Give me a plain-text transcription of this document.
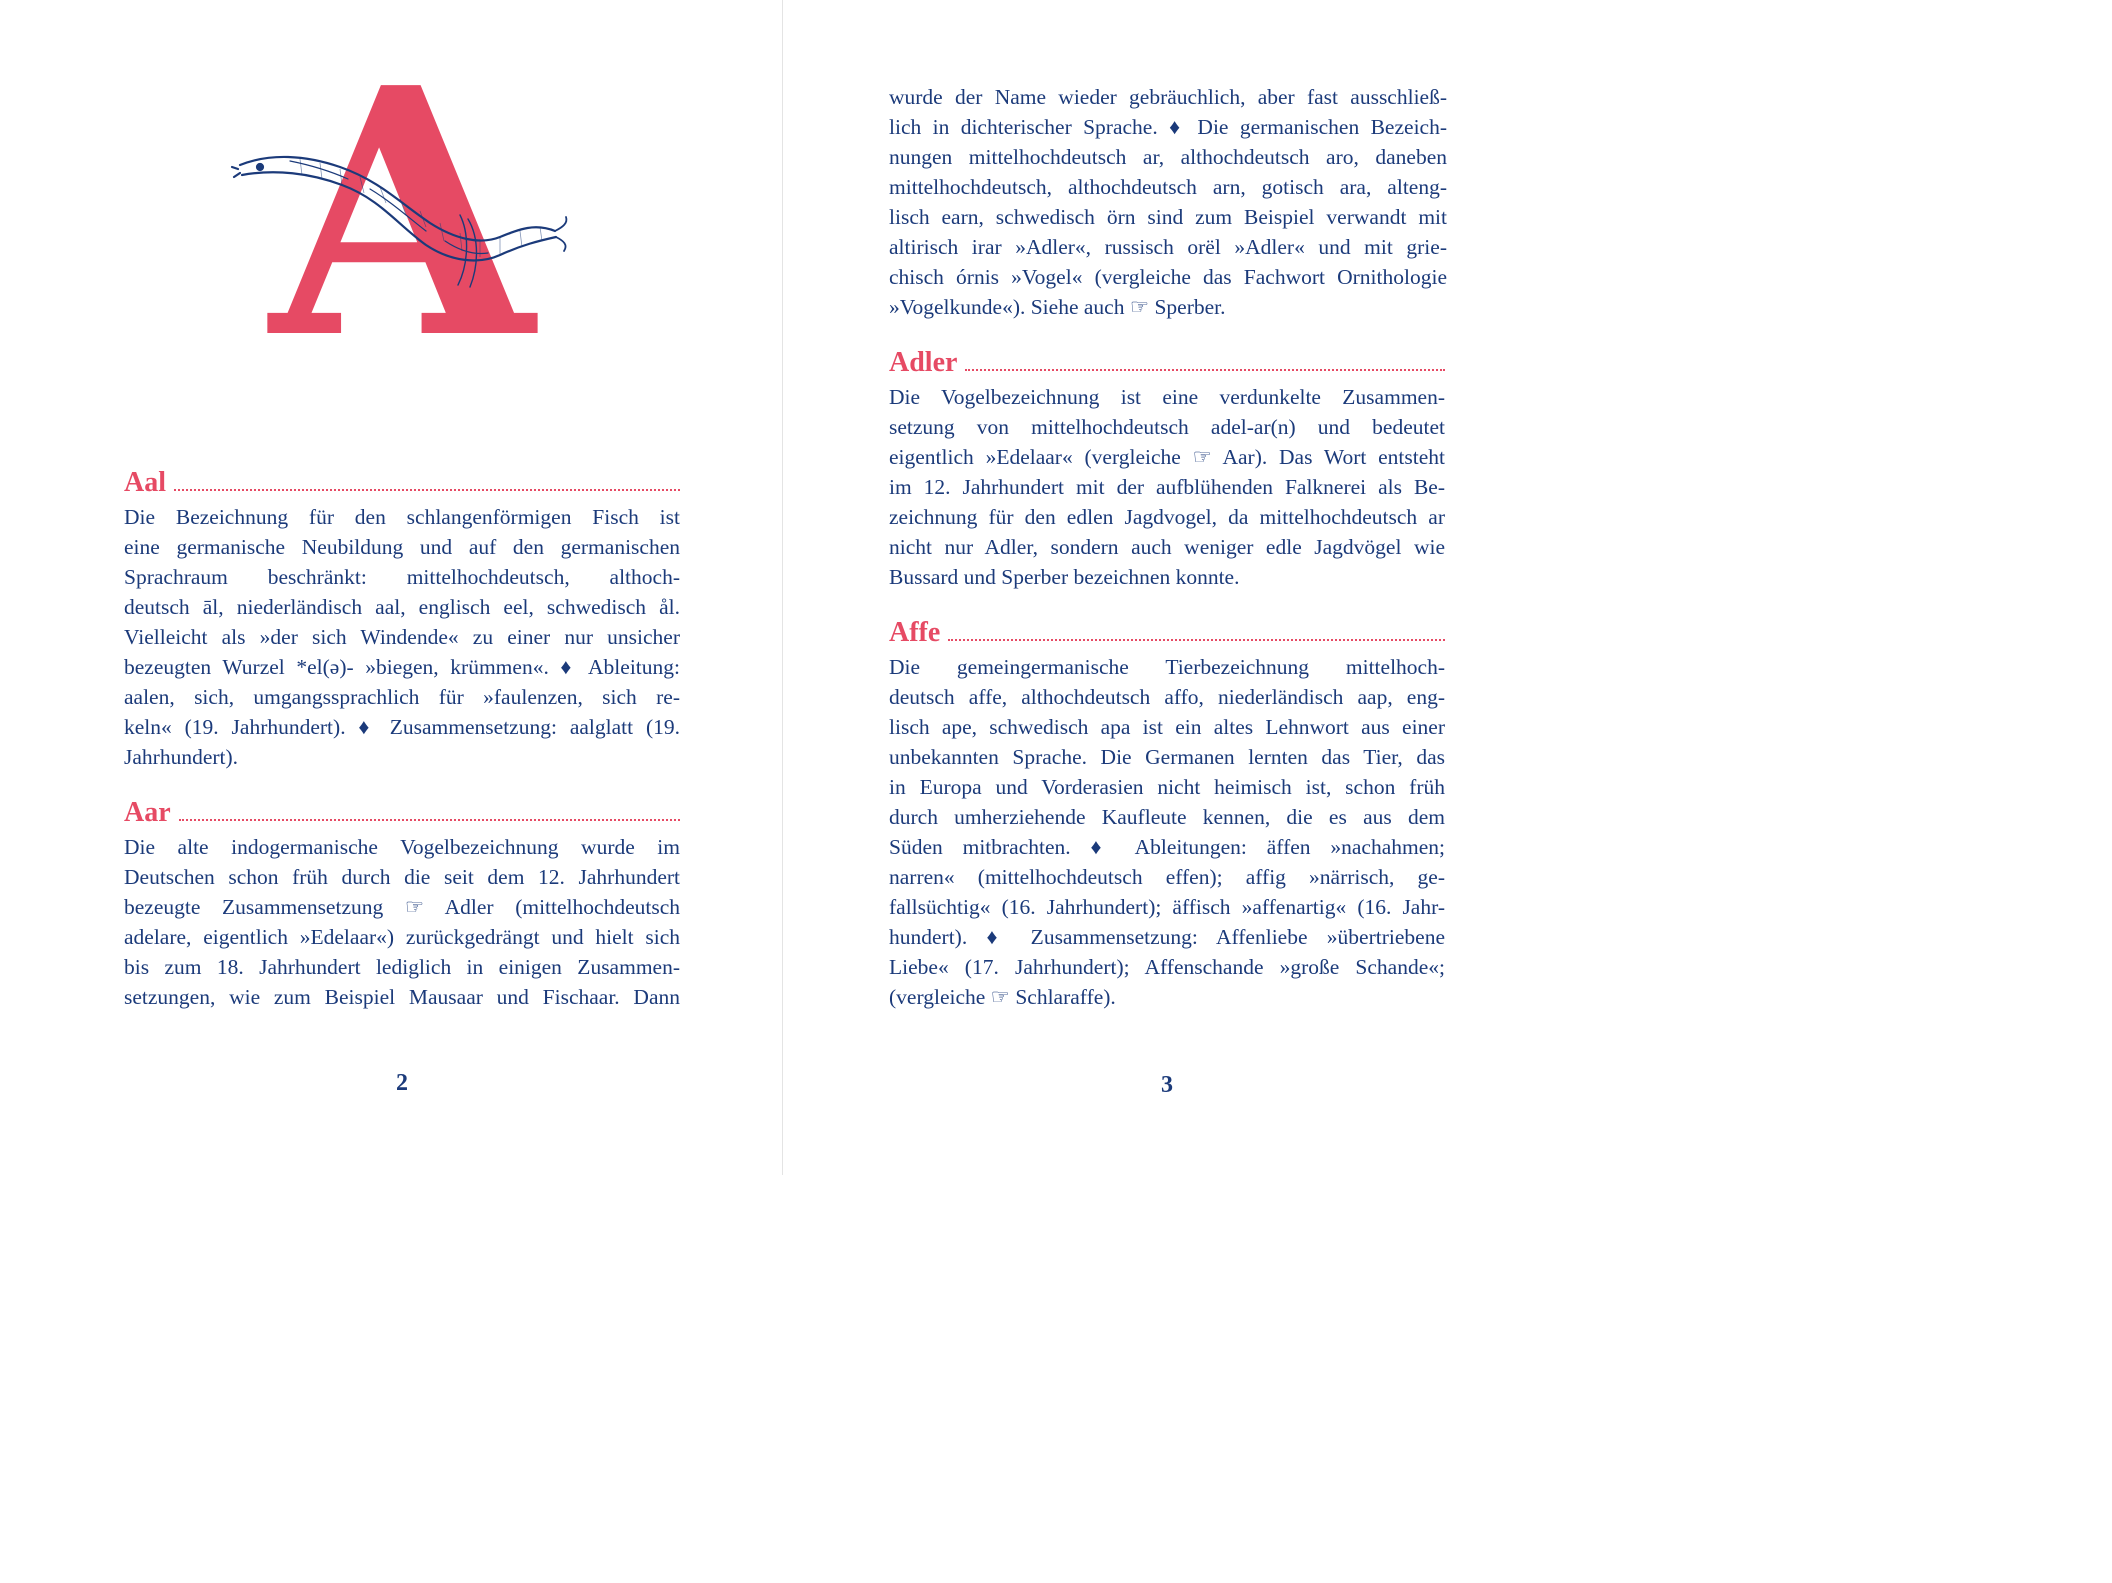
A
Aal
Die Bezeichnung für den schlangenförmigen Fisch ist
eine germanische Neubildung und auf den germanischen
Sprachraum beschränkt: mittelhochdeutsch, althoch-
deutsch āl, niederländisch aal, englisch eel, schwedisch ål.
Vielleicht als »der sich Windende« zu einer nur unsicher
bezeugten Wurzel *el(ə)- »biegen, krümmen«. ♦ Ableitung:
aalen, sich, umgangssprachlich für »faulenzen, sich re-
keln« (19. Jahrhundert). ♦ Zusammensetzung: aalglatt (19.
Jahrhundert).
Aar
Die alte indogermanische Vogelbezeichnung wurde im
Deutschen schon früh durch die seit dem 12. Jahrhundert
bezeugte Zusammensetzung ☞ Adler (mittelhochdeutsch
adelare, eigentlich »Edelaar«) zurückgedrängt und hielt sich
bis zum 18. Jahrhundert lediglich in einigen Zusammen-
setzungen, wie zum Beispiel Mausaar und Fischaar. Dann
2
wurde der Name wieder gebräuchlich, aber fast ausschließ-
lich in dichterischer Sprache. ♦ Die germanischen Bezeich-
nungen mittelhochdeutsch ar, althochdeutsch aro, daneben
mittelhochdeutsch, althochdeutsch arn, gotisch ara, alteng-
lisch earn, schwedisch örn sind zum Beispiel verwandt mit
altirisch irar »Adler«, russisch orël »Adler« und mit grie-
chisch órnis »Vogel« (vergleiche das Fachwort Ornithologie
»Vogelkunde«). Siehe auch ☞ Sperber.
Adler
Die Vogelbezeichnung ist eine verdunkelte Zusammen-
setzung von mittelhochdeutsch adel-ar(n) und bedeutet
eigentlich »Edelaar« (vergleiche ☞ Aar). Das Wort entsteht
im 12. Jahrhundert mit der aufblühenden Falknerei als Be-
zeichnung für den edlen Jagdvogel, da mittelhochdeutsch ar
nicht nur Adler, sondern auch weniger edle Jagdvögel wie
Bussard und Sperber bezeichnen konnte.
Affe
Die gemeingermanische Tierbezeichnung mittelhoch-
deutsch affe, althochdeutsch affo, niederländisch aap, eng-
lisch ape, schwedisch apa ist ein altes Lehnwort aus einer
unbekannten Sprache. Die Germanen lernten das Tier, das
in Europa und Vorderasien nicht heimisch ist, schon früh
durch umherziehende Kaufleute kennen, die es aus dem
Süden mitbrachten. ♦ Ableitungen: äffen »nachahmen;
narren« (mittelhochdeutsch effen); affig »närrisch, ge-
fallsüchtig« (16. Jahrhundert); äffisch »affenartig« (16. Jahr-
hundert). ♦ Zusammensetzung: Affenliebe »übertriebene
Liebe« (17. Jahrhundert); Affenschande »große Schande«;
(vergleiche ☞ Schlaraffe).
3
